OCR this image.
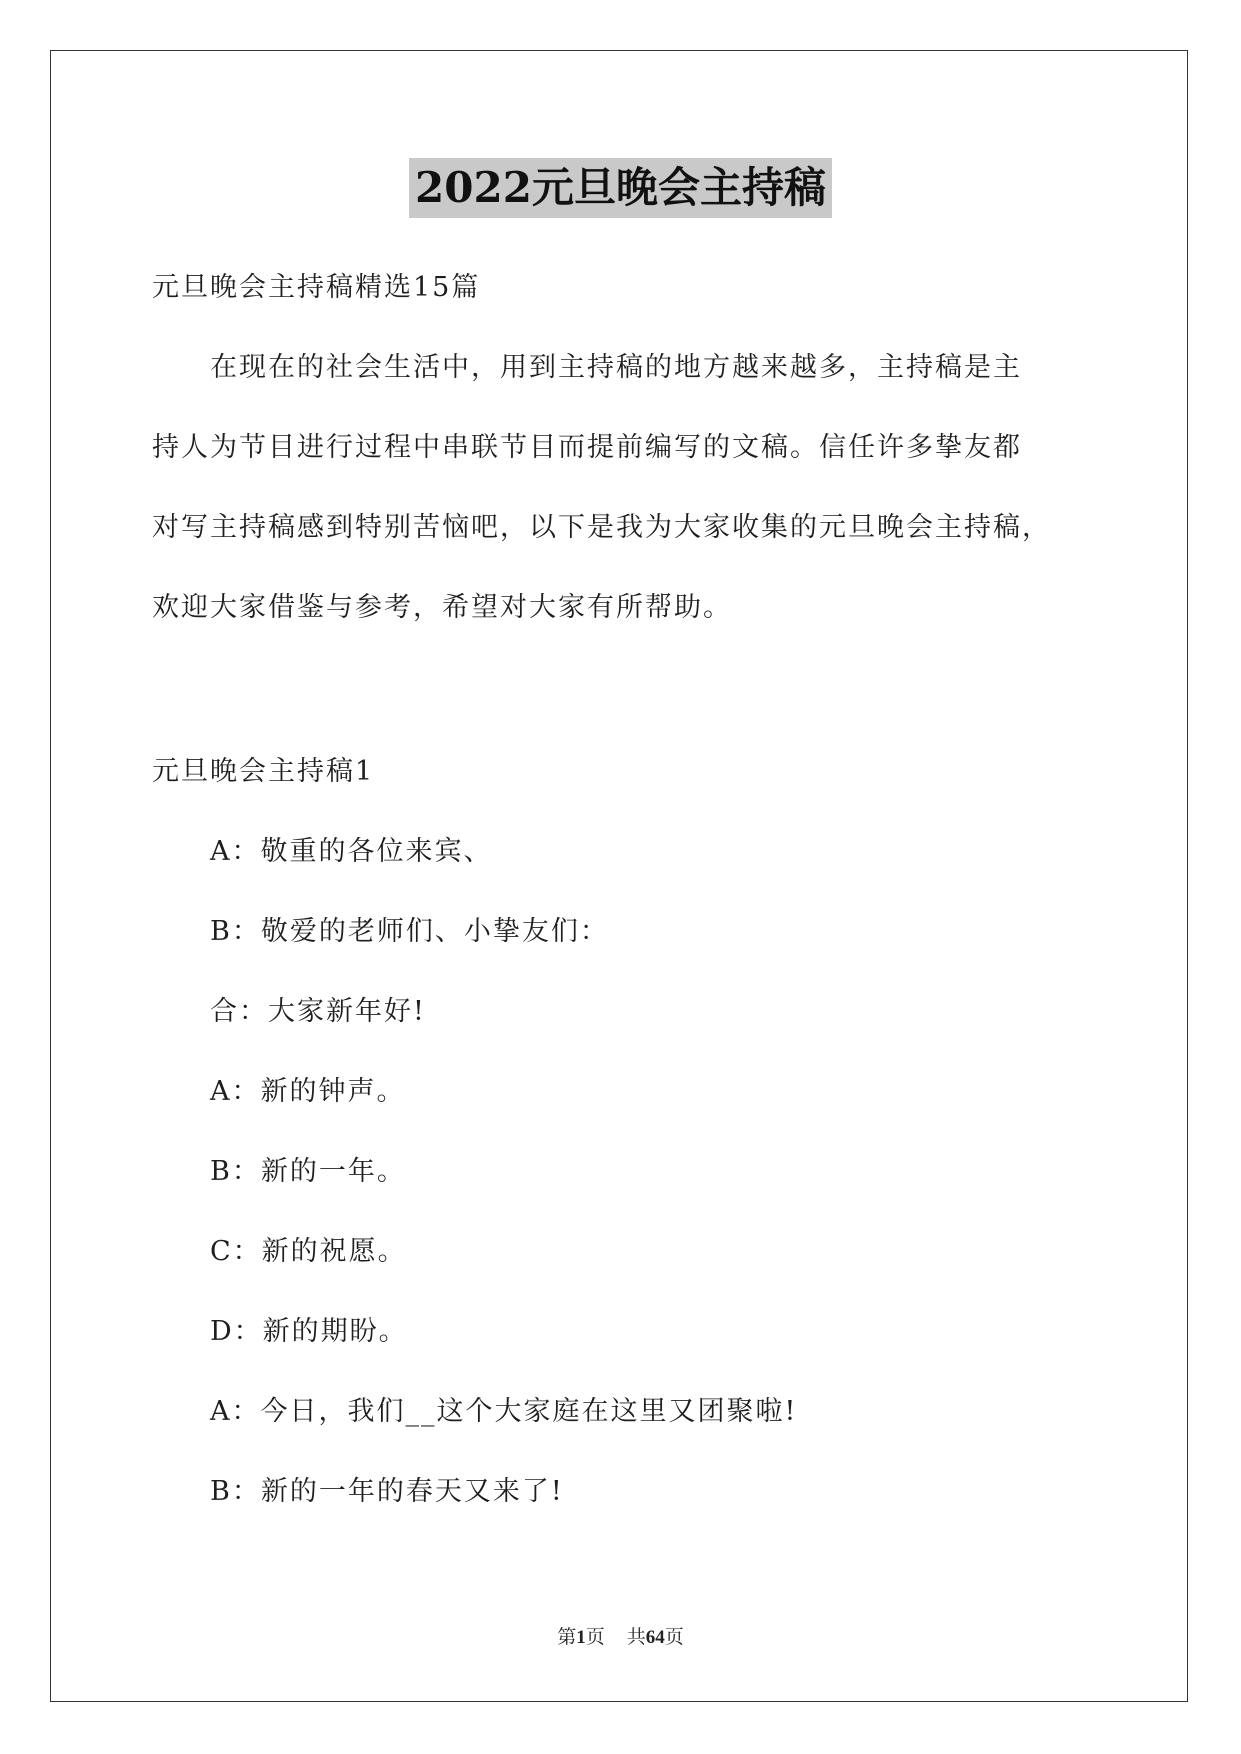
2022元旦晚会主持稿

元旦晚会主持稿精选15篇

在现在的社会生活中，用到主持稿的地方越来越多，主持稿是主

持人为节目进行过程中串联节目而提前编写的文稿。信任许多挚友都

对写主持稿感到特别苦恼吧，以下是我为大家收集的元旦晚会主持稿，

欢迎大家借鉴与参考，希望对大家有所帮助。

元旦晚会主持稿1

A：敬重的各位来宾、

B：敬爱的老师们、小挚友们：

合：大家新年好!

A：新的钟声。

B：新的一年。

C：新的祝愿。

D：新的期盼。

A：今日，我们__这个大家庭在这里又团聚啦!

B：新的一年的春天又来了!

第1页 共64页
